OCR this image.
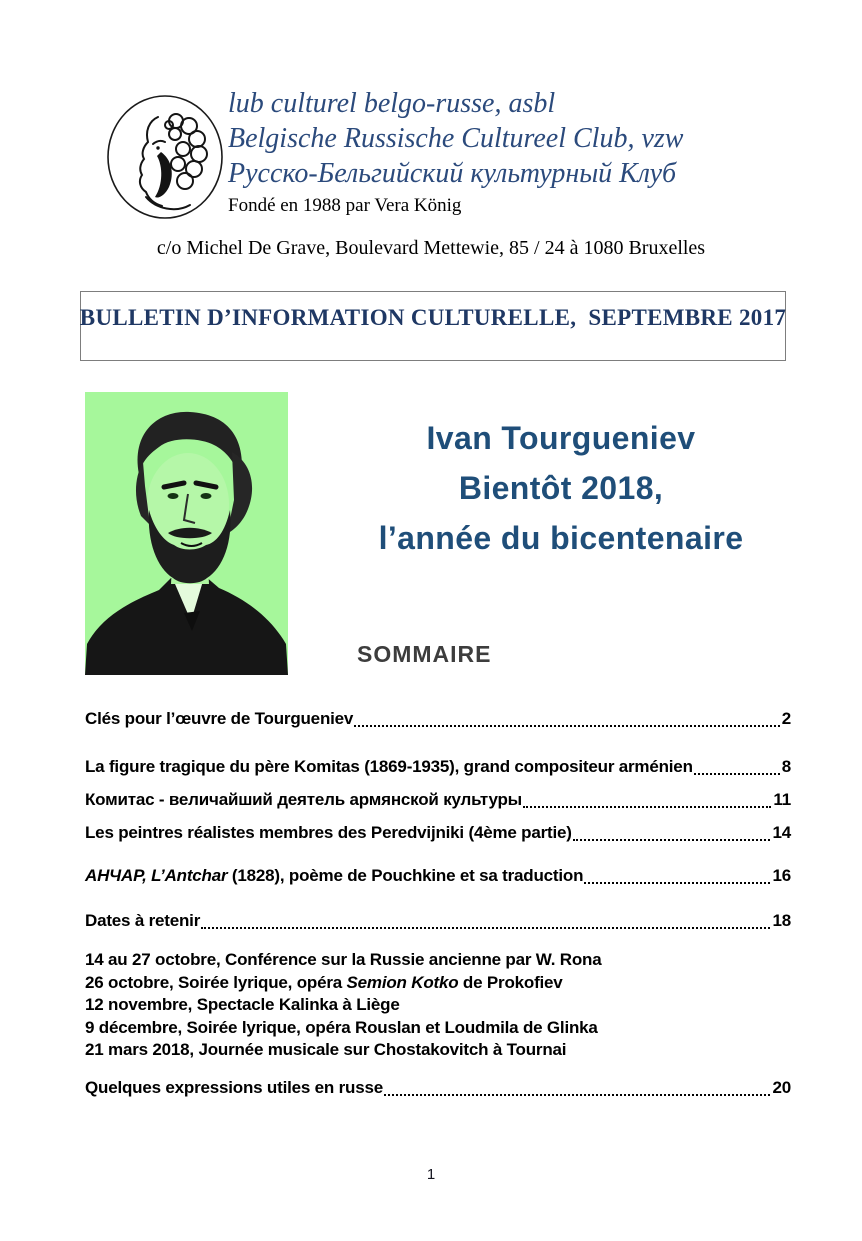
lub culturel belgo-russe, asbl
Belgische Russische Cultureel Club, vzw
Русско-Бельгийский культурный Клуб
Fondé en 1988 par Vera König
c/o Michel De Grave, Boulevard Mettewie, 85 / 24 à 1080 Bruxelles
BULLETIN D’INFORMATION CULTURELLE,  SEPTEMBRE 2017
Ivan Tourgueniev
Bientôt 2018,
l’année du bicentenaire
SOMMAIRE
Clés pour l’œuvre de Tourgueniev	2
La figure tragique du père Komitas (1869-1935), grand compositeur arménien	8
Комитас - величайший деятель армянской культуры	11
Les peintres réalistes membres des Peredvijniki (4ème partie)	14
АНЧАР, L’Antchar (1828), poème de Pouchkine et sa traduction	16
Dates à retenir	18
14 au 27 octobre, Conférence sur la Russie ancienne par W. Rona
26 octobre, Soirée lyrique, opéra Semion Kotko de Prokofiev
12 novembre, Spectacle Kalinka à Liège
9 décembre, Soirée lyrique, opéra Rouslan et Loudmila de Glinka
21 mars 2018, Journée musicale sur Chostakovitch à Tournai
Quelques expressions utiles en russe	20
1
